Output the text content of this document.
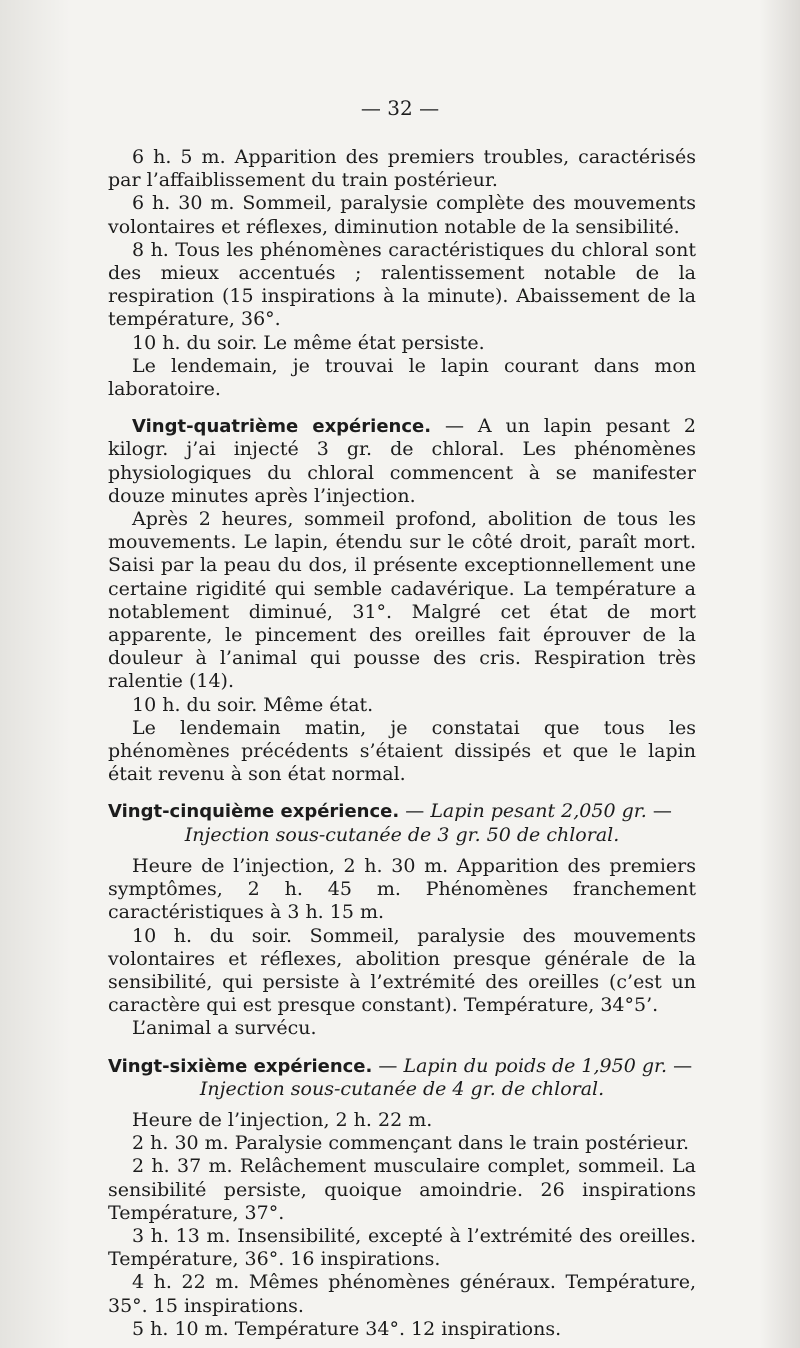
— 32 —

6 h. 5 m. Apparition des premiers troubles, caractérisés par l’affaiblissement du train postérieur.

6 h. 30 m. Sommeil, paralysie complète des mouvements volontaires et réflexes, diminution notable de la sensibilité.

8 h. Tous les phénomènes caractéristiques du chloral sont des mieux accentués ; ralentissement notable de la respiration (15 inspirations à la minute). Abaissement de la température, 36°.

10 h. du soir. Le même état persiste.

Le lendemain, je trouvai le lapin courant dans mon laboratoire.

Vingt-quatrième expérience. — A un lapin pesant 2 kilogr. j’ai injecté 3 gr. de chloral. Les phénomènes physiologiques du chloral commencent à se manifester douze minutes après l’injection.

Après 2 heures, sommeil profond, abolition de tous les mouvements. Le lapin, étendu sur le côté droit, paraît mort. Saisi par la peau du dos, il présente exceptionnellement une certaine rigidité qui semble cadavérique. La température a notablement diminué, 31°. Malgré cet état de mort apparente, le pincement des oreilles fait éprouver de la douleur à l’animal qui pousse des cris. Respiration très ralentie (14).

10 h. du soir. Même état.

Le lendemain matin, je constatai que tous les phénomènes précédents s’étaient dissipés et que le lapin était revenu à son état normal.

Vingt-cinquième expérience. — Lapin pesant 2,050 gr. —

Injection sous-cutanée de 3 gr. 50 de chloral.

Heure de l’injection, 2 h. 30 m. Apparition des premiers symptômes, 2 h. 45 m. Phénomènes franchement caractéristiques à 3 h. 15 m.

10 h. du soir. Sommeil, paralysie des mouvements volontaires et réflexes, abolition presque générale de la sensibilité, qui persiste à l’extrémité des oreilles (c’est un caractère qui est presque constant). Température, 34°5’.

L’animal a survécu.

Vingt-sixième expérience. — Lapin du poids de 1,950 gr. —

Injection sous-cutanée de 4 gr. de chloral.

Heure de l’injection, 2 h. 22 m.

2 h. 30 m. Paralysie commençant dans le train postérieur.

2 h. 37 m. Relâchement musculaire complet, sommeil. La sensibilité persiste, quoique amoindrie. 26 inspirations Température, 37°.

3 h. 13 m. Insensibilité, excepté à l’extrémité des oreilles. Température, 36°. 16 inspirations.

4 h. 22 m. Mêmes phénomènes généraux. Température, 35°. 15 inspirations.

5 h. 10 m. Température 34°. 12 inspirations.
